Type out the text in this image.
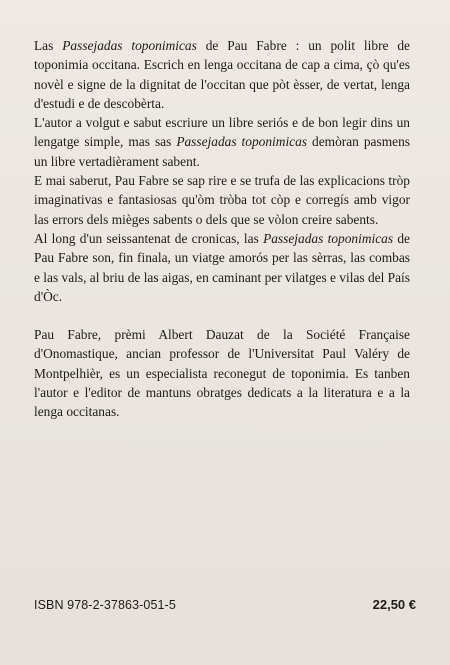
Las Passejadas toponimicas de Pau Fabre : un polit libre de toponimia occitana. Escrich en lenga occitana de cap a cima, çò qu'es novèl e signe de la dignitat de l'occitan que pòt èsser, de vertat, lenga d'estudi e de descobèrta.

L'autor a volgut e sabut escriure un libre seriós e de bon legir dins un lengatge simple, mas sas Passejadas toponimicas demòran pasmens un libre vertadièrament sabent.

E mai saberut, Pau Fabre se sap rire e se trufa de las explicacions tròp imaginativas e fantasiosas qu'òm tròba tot còp e corregís amb vigor las errors dels mièges sabents o dels que se vòlon creire sabents.

Al long d'un seissantenat de cronicas, las Passejadas toponimicas de Pau Fabre son, fin finala, un viatge amorós per las sèrras, las combas e las vals, al briu de las aigas, en caminant per vilatges e vilas del País d'Òc.

Pau Fabre, prèmi Albert Dauzat de la Société Française d'Onomastique, ancian professor de l'Universitat Paul Valéry de Montpelhièr, es un especialista reconegut de toponimia. Es tanben l'autor e l'editor de mantuns obratges dedicats a la literatura e a la lenga occitanas.

ISBN 978-2-37863-051-5	22,50 €
